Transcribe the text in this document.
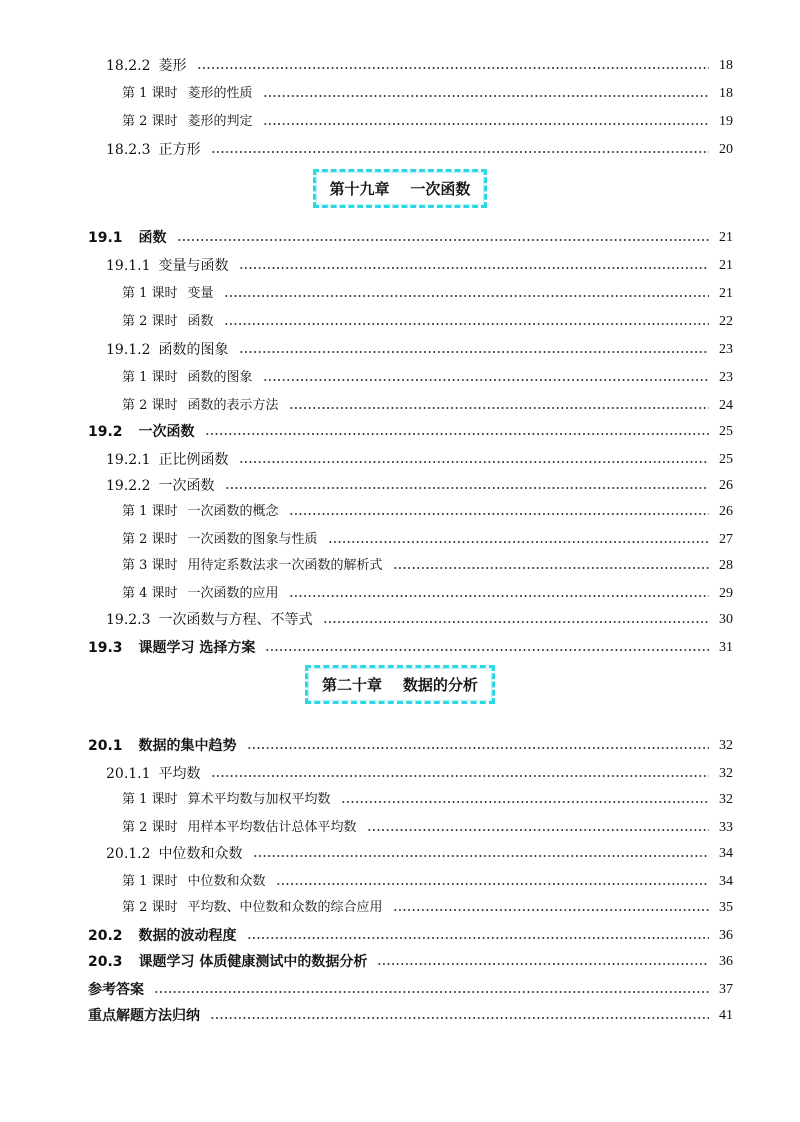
18.2.2 菱形	18
第 1 课时 菱形的性质	18
第 2 课时 菱形的判定	19
18.2.3 正方形	20
19.1 函数	21
19.1.1 变量与函数	21
第 1 课时 变量	21
第 2 课时 函数	22
19.1.2 函数的图象	23
第 1 课时 函数的图象	23
第 2 课时 函数的表示方法	24
19.2 一次函数	25
19.2.1 正比例函数	25
19.2.2 一次函数	26
第 1 课时 一次函数的概念	26
第 2 课时 一次函数的图象与性质	27
第 3 课时 用待定系数法求一次函数的解析式	28
第 4 课时 一次函数的应用	29
19.2.3 一次函数与方程、不等式	30
19.3 课题学习 选择方案	31
20.1 数据的集中趋势	32
20.1.1 平均数	32
第 1 课时 算术平均数与加权平均数	32
第 2 课时 用样本平均数估计总体平均数	33
20.1.2 中位数和众数	34
第 1 课时 中位数和众数	34
第 2 课时 平均数、中位数和众数的综合应用	35
20.2 数据的波动程度	36
20.3 课题学习 体质健康测试中的数据分析	36
参考答案	37
重点解题方法归纳	41
第十九章    一次函数
第二十章    数据的分析
